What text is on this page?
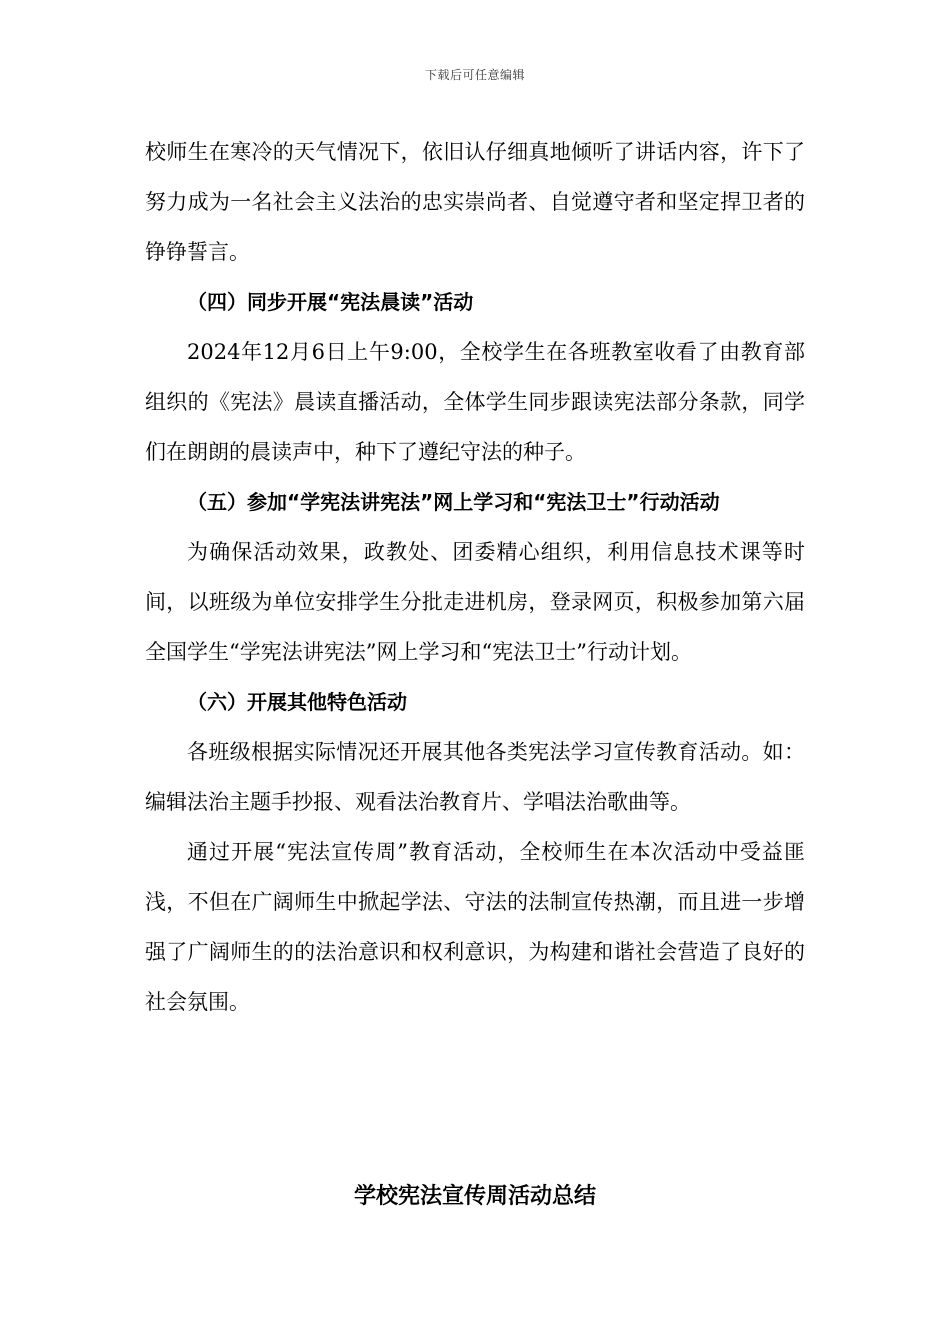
下载后可任意编辑

校师生在寒冷的天气情况下，依旧认仔细真地倾听了讲话内容，许下了努力成为一名社会主义法治的忠实崇尚者、自觉遵守者和坚定捍卫者的铮铮誓言。

（四）同步开展“宪法晨读”活动

2024年12月6日上午9:00，全校学生在各班教室收看了由教育部组织的《宪法》晨读直播活动，全体学生同步跟读宪法部分条款，同学们在朗朗的晨读声中，种下了遵纪守法的种子。

（五）参加“学宪法讲宪法”网上学习和“宪法卫士”行动活动

为确保活动效果，政教处、团委精心组织，利用信息技术课等时间，以班级为单位安排学生分批走进机房，登录网页，积极参加第六届全国学生“学宪法讲宪法”网上学习和“宪法卫士”行动计划。

（六）开展其他特色活动

各班级根据实际情况还开展其他各类宪法学习宣传教育活动。如：编辑法治主题手抄报、观看法治教育片、学唱法治歌曲等。

通过开展“宪法宣传周”教育活动，全校师生在本次活动中受益匪浅，不但在广阔师生中掀起学法、守法的法制宣传热潮，而且进一步增强了广阔师生的的法治意识和权利意识，为构建和谐社会营造了良好的社会氛围。

学校宪法宣传周活动总结
